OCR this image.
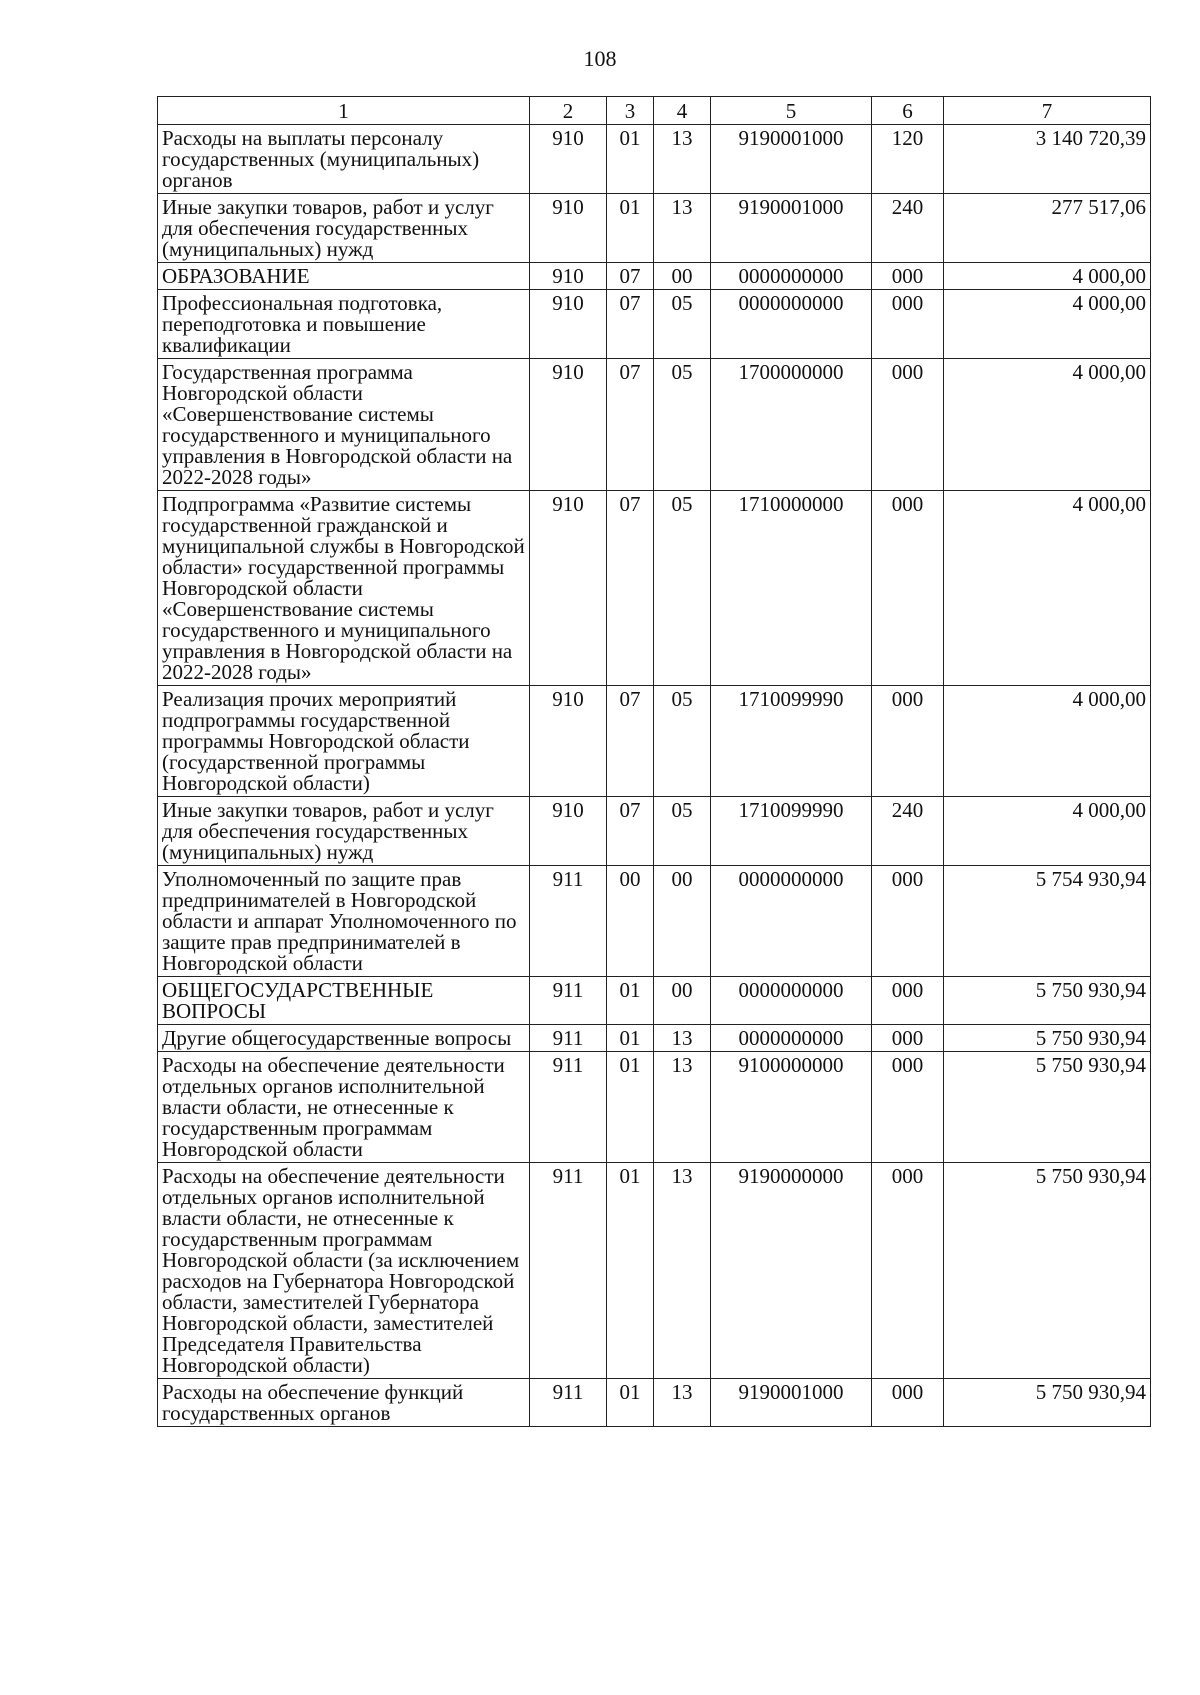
108
1	2	3	4	5	6	7
Расходы на выплаты персоналу государственных (муниципальных) органов	910	01	13	9190001000	120	3 140 720,39
Иные закупки товаров, работ и услуг для обеспечения государственных (муниципальных) нужд	910	01	13	9190001000	240	277 517,06
ОБРАЗОВАНИЕ	910	07	00	0000000000	000	4 000,00
Профессиональная подготовка, переподготовка и повышение квалификации	910	07	05	0000000000	000	4 000,00
Государственная программа Новгородской области «Совершенствование системы государственного и муниципального управления в Новгородской области на 2022-2028 годы»	910	07	05	1700000000	000	4 000,00
Подпрограмма «Развитие системы государственной гражданской и муниципальной службы в Новгородской области» государственной программы Новгородской области «Совершенствование системы государственного и муниципального управления в Новгородской области на 2022-2028 годы»	910	07	05	1710000000	000	4 000,00
Реализация прочих мероприятий подпрограммы государственной программы Новгородской области (государственной программы Новгородской области)	910	07	05	1710099990	000	4 000,00
Иные закупки товаров, работ и услуг для обеспечения государственных (муниципальных) нужд	910	07	05	1710099990	240	4 000,00
Уполномоченный по защите прав предпринимателей в Новгородской области и аппарат Уполномоченного по защите прав предпринимателей в Новгородской области	911	00	00	0000000000	000	5 754 930,94
ОБЩЕГОСУДАРСТВЕННЫЕ ВОПРОСЫ	911	01	00	0000000000	000	5 750 930,94
Другие общегосударственные вопросы	911	01	13	0000000000	000	5 750 930,94
Расходы на обеспечение деятельности отдельных органов исполнительной власти области, не отнесенные к государственным программам Новгородской области	911	01	13	9100000000	000	5 750 930,94
Расходы на обеспечение деятельности отдельных органов исполнительной власти области, не отнесенные к государственным программам Новгородской области (за исключением расходов на Губернатора Новгородской области, заместителей Губернатора Новгородской области, заместителей Председателя Правительства Новгородской области)	911	01	13	9190000000	000	5 750 930,94
Расходы на обеспечение функций государственных органов	911	01	13	9190001000	000	5 750 930,94
